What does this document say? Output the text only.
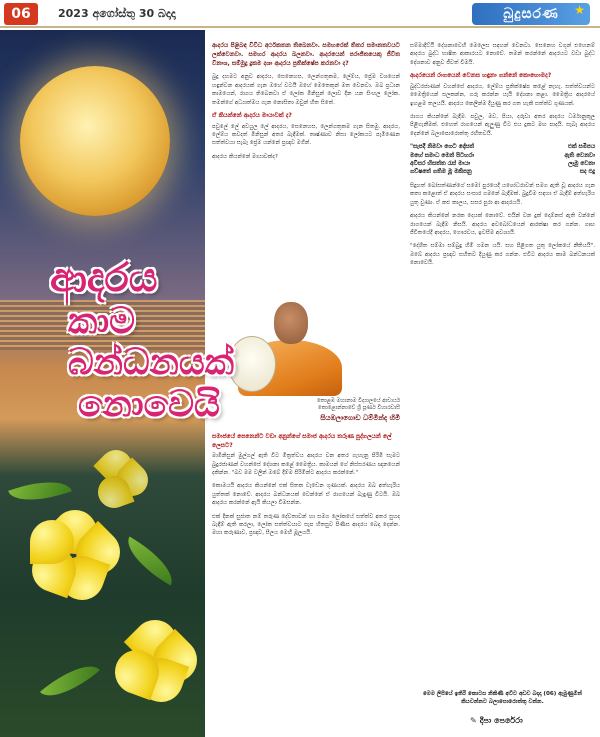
06	2023 අගෝස්තු 30 බදාදා	බුදුසරණ ★
ආදරය
කාම බන්ධනයක්
නොවෙයි

ආදරය පිළිබඳ විවිධ අර්ථකතන තිබෙනවා. සමහරෙක් තිතර සමානතවයට ලක්වෙනවා. සමහර ආදරය බලනවා. ආදරයෙන් පරාජිතයෙකු ජීවිත විනාශ, සම්මුදු දුකම දශා ආදරය ප්‍රතික්ෂේප කරනවා ද?

බුදු දහමට අනුව ආදරය, සෙනෙහස, ලෙන්ගතුකම, ලේම්ය, ප්‍රේම වශයෙන් හඳුන්වන ආදරයක් ගැන ඔහේ වටයී ඔහේ මෙතෙකුන් මත වෙනවා. ඔබ ප්‍රධාන කාමයෙන්, රාගය තිබෙනවා ඒ ලෝක මිනිසුන් ලොව දින යන සිංහල ලෝක. තමන්ගේ අධ්‍යාත්මය ගැන නොසිතා ඔවුන් හිත සිතේ.

ඒ කියන්නේ ආදරය මායාවක් ද?

පවුලේ ලේ අවයුල ලේ ආදරය, සෙනෙහස, ලෙන්ගතුකම ගැන සිතමු. ආදරය, ලේම්ය කවදත් මිනිසුන් අතර බැඳීමක්. තෘෂ්ණාව නිසා ලෝකයට පැමිණෙන සත්ත්වයා සැබෑ ප්‍රේම යන්නේ ප්‍රඥාව මගින්.

ආදරය කියන්නේ මායාවක්ද?

කොළඹ මහානාම විද්‍යාලයේ ආචාර්ය
කොළොන්නාවේ ශ්‍රී පූර්ණ විහාරවාසී
සියඹලාගොඩ ධම්මින්ද හිමි

සමාජයේ පෙනෙන්ට වඩා අනුන්ගේ සමාජ ආදරය තරුණ පුද්ගලයන් ලේ ලෙසට?

මාමිනිසුන් මුල්ගල් ඇති විට මිත්‍රත්වය ආදරය වන අතර ගැහැනු පිරිමි සැමට බුදුරජාණන් වහන්සේ දේශනා කළේ මෛත්‍රිය. කාමයන් ගේ නිස්සරණය ඥානයෙන් දකින්න. "බව මම වලින් ඔබේ දීම්ම පිරිමින්ට ආදරය කරන්නේ."

කොමයයි ආදරය කියන්නේ එක් සිතක වැඩෙන ගුණයක්. ආදරය ඔබ අත්හැරිය යුත්තක් නොවේ. ආදරය බන්ධනයක් වෙන්නේ ඒ රාගයෙන් බැඳුණු විටයි. ඔබ ආදරය කරන්නේ ඇයි කියලා විමසන්න.

එක් දිනක් සුජාත නම් තරුණ දේවතාවන් හා සමග ලෝකයේ සත්ත්ව අතර සුහද බැඳීම් ඇති කරලා, ලෝක සත්ත්වයාට සැප හිතසුව පිණිස ආදරය බෙදා දෙන්න. මහා කරුණාව, ප්‍රඥාව, සීලය මෙහි මූලයයි.

සම්මාදිට්ඨි දේශනාවෙහි මෙලෙස සඳහන් වෙනවා. සෙනෙහ වගුන් එහෙනම් ආදරය බුද්ධ භාෂිත ආකාරයට නොවේ. තමන් කරන්නේ ආදරයට වඩා බුද්ධ දේශනාව අනුව ජීවත් වීමයි.

ආදරයෙන් රාගයෙන් වෙනස හඳුනා ගන්නේ කොහොමද?

බුද්ධරජාණන් වහන්සේ ආදරය, ලේම්ය ප්‍රතික්ෂේප කළේ නැහැ. සත්ත්වයන්ට මෛත්‍රියෙන් සලකන්න, ගරු කරන්න යැයි දේශනා කළා. මෛත්‍රිය ආදරයේ ඉහළම තලයයි. ආදරය කෙලින්ම දියුණු කර ගත හැකි සත්ත්ව ගුණයක්.

රාගය කියන්නේ බැඳීම. පවුල, මව, පියා, දරුවා අතර ආදරය ධර්මානුකූල පිළිගැනීමක්. එහෙත් රාගයෙන් ඇලුණු විට එය දුකට මඟ පාදයි. සැබෑ ආදරය දෙන්නේ බලාපොරොත්තු රහිතවයි.

"සැපදී නිමවා ගෙට දෝසත්	එක් සමීපය
මහේ සමාධ මෙන් පිටහරා	ඇති වෙනවා
අවිසර හිසත්ත රැස් මායා	ලෑමු වෙනා
ගව්ෂතේ ගතිම මූ මකිපනු	සද එදු

සිදුහත් බෝසත්ණන්ගේ සමෝ පුරයෙදී යශෝධරාවන් සමග ඇති වූ ආදරය ගැන කතා කළොත් ඒ ආදරය සංසාර ගමනේ බැඳීමක්. බුදුවීම සඳහා ඒ බැඳීම් අත්හැරිය යුතු වුණා. ඒ කළු කාලය, සසර පුරා ආ ආදරයයි.

ආදරය කියන්නේ නරක දෙයක් නොවේ. එයින් වන දුක් දොම්නස් ඇති වන්නේ රාගයෙන් බැඳීම නිසයි. ආදරය අවබෝධයෙන් ආරක්ෂා කර ගන්න. ගෘහ ජීවිතයේදී ආදරය, ගෞරවය, ඉවසීම අවශ්‍යයි.

"දේශිත සම්මා සම්බුදු හිමි ගමන යයි. සහ පිළිගත යුතු ලෝකයේ නීතියයි". ඔබේ ආදරය ප්‍රඥාව සහිතව දියුණු කර ගන්න. එවිට ආදරය කාම බන්ධනයක් නොවෙයි.

මෙම ලිපියේ ඉතිරි කොටස නිකිණි අවිට අඩව බදාදා (06) ඇමුණුමින් කියවන්නට බලාපොරොත්තු වන්න.
✎ දීපා පෙරේරා
